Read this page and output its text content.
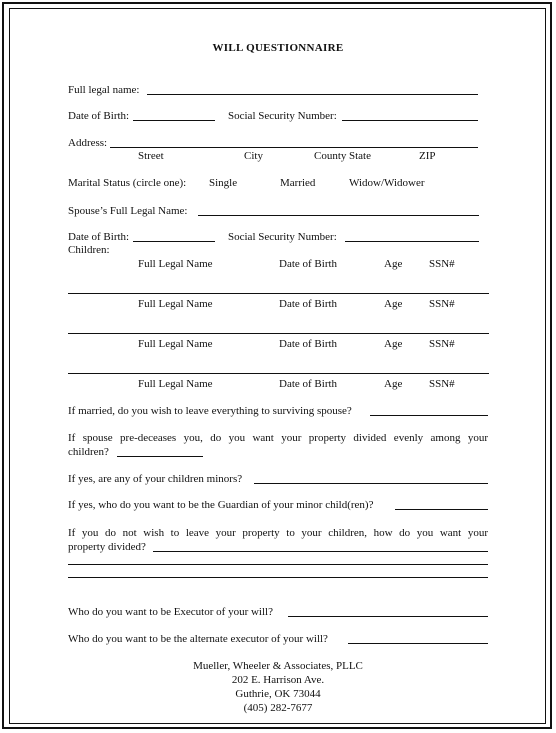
WILL QUESTIONNAIRE
Full legal name:
Date of Birth:	Social Security Number:
Address:
Street	City	County State	ZIP
Marital Status (circle one): Single	Married	Widow/Widower
Spouse’s Full Legal Name:
Date of Birth:	Social Security Number:
Children:
Full Legal Name	Date of Birth	Age SSN#
Full Legal Name	Date of Birth	Age SSN#
Full Legal Name	Date of Birth	Age SSN#
Full Legal Name	Date of Birth	Age SSN#
If married, do you wish to leave everything to surviving spouse?
If spouse pre-deceases you, do you want your property divided evenly among your
children?
If yes, are any of your children minors?
If yes, who do you want to be the Guardian of your minor child(ren)?
If you do not wish to leave your property to your children, how do you want your
property divided?
Who do you want to be Executor of your will?
Who do you want to be the alternate executor of your will?
Mueller, Wheeler & Associates, PLLC
202 E. Harrison Ave.
Guthrie, OK 73044
(405) 282-7677
